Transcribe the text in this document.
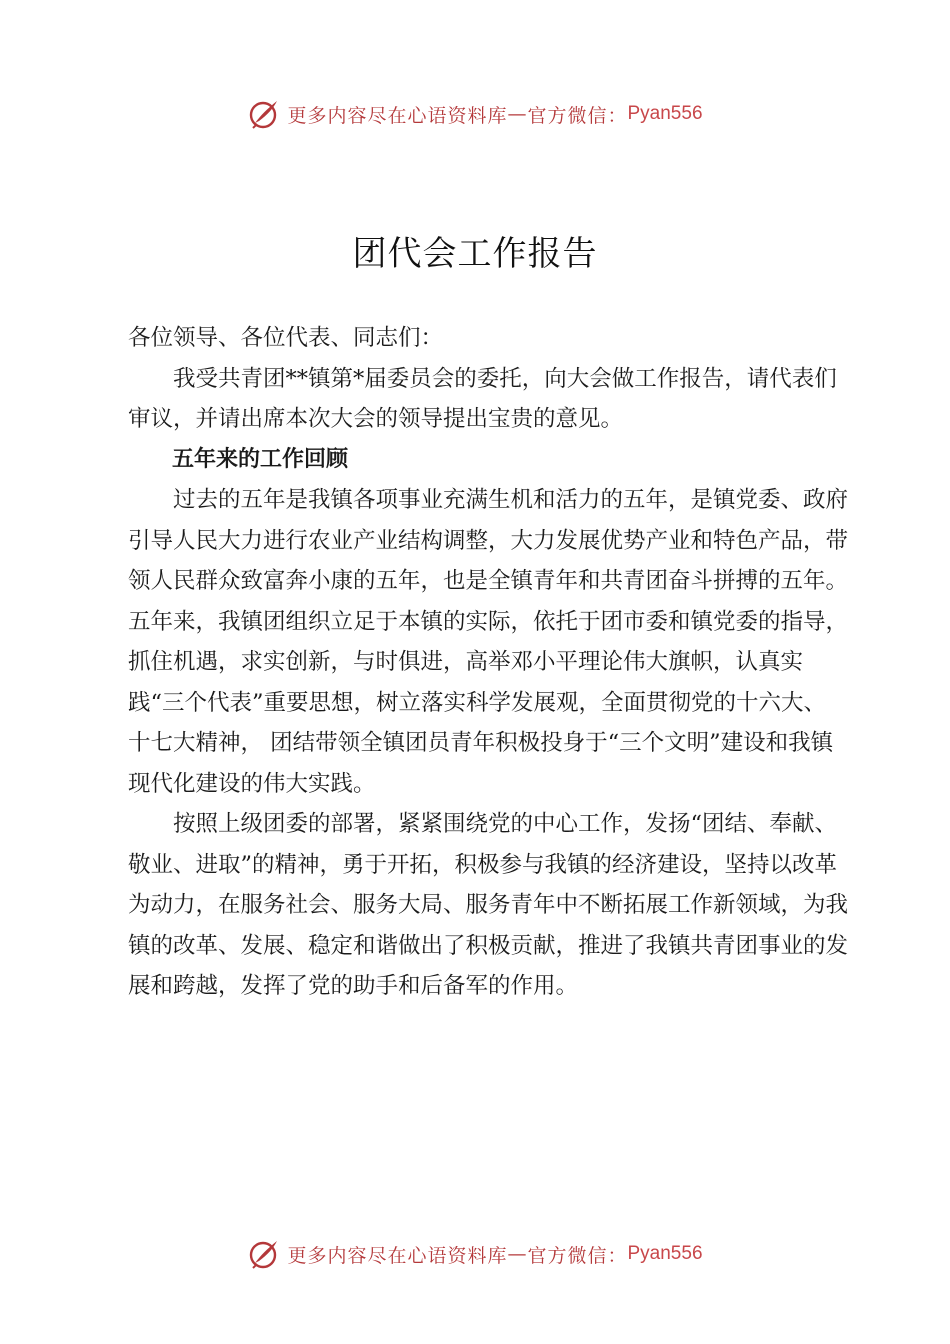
更多内容尽在心语资料库 — 官方微信： Pyan556
团代会工作报告

各位领导、各位代表、同志们：

我受共青团**镇第*届委员会的委托，向大会做工作报告，请代表们审议，并请出席本次大会的领导提出宝贵的意见。

五年来的工作回顾

过去的五年是我镇各项事业充满生机和活力的五年，是镇党委、政府引导人民大力进行农业产业结构调整，大力发展优势产业和特色产品，带领人民群众致富奔小康的五年，也是全镇青年和共青团奋斗拼搏的五年。五年来，我镇团组织立足于本镇的实际，依托于团市委和镇党委的指导，抓住机遇，求实创新，与时俱进，高举邓小平理论伟大旗帜，认真实践“三个代表”重要思想，树立落实科学发展观，全面贯彻党的十六大、十七大精神， 团结带领全镇团员青年积极投身于“三个文明”建设和我镇现代化建设的伟大实践。

按照上级团委的部署，紧紧围绕党的中心工作，发扬“团结、奉献、敬业、进取”的精神，勇于开拓，积极参与我镇的经济建设，坚持以改革为动力，在服务社会、服务大局、服务青年中不断拓展工作新领域，为我镇的改革、发展、稳定和谐做出了积极贡献，推进了我镇共青团事业的发展和跨越，发挥了党的助手和后备军的作用。

更多内容尽在心语资料库 — 官方微信： Pyan556
